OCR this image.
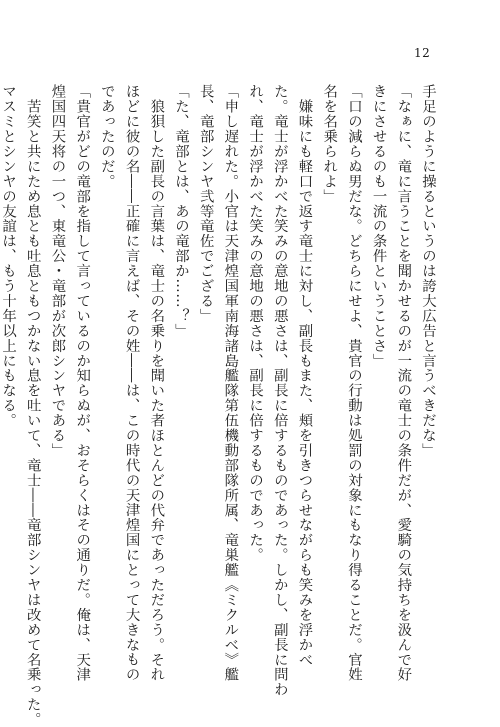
12
手足のように操るというのは誇大広告と言うべきだな」
「なぁに、竜に言うことを聞かせるのが一流の竜士の条件だが、愛騎の気持ちを汲んで好
きにさせるのも一流の条件ということさ」
「口の減らぬ男だな。どちらにせよ、貴官の行動は処罰の対象にもなり得ることだ。官姓
名を名乗られよ」
　嫌味にも軽口で返す竜士に対し、副長もまた、頬を引きつらせながらも笑みを浮かべ
た。竜士が浮かべた笑みの意地の悪さは、副長に倍するものであった。しかし、副長に問わ
れ、竜士が浮かべた笑みの意地の悪さは、副長に倍するものであった。
「申し遅れた。小官は天津煌国軍南海諸島艦隊第伍機動部隊所属、竜巣艦《ミクルベ》艦
長、竜部シンヤ弐等竜佐でござる」
「た、竜部とは、あの竜部か……？」
　狼狽した副長の言葉は、竜士の名乗りを聞いた者ほとんどの代弁であっただろう。それ
ほどに彼の名――正確に言えば、その姓――は、この時代の天津煌国にとって大きなもの
であったのだ。
「貴官がどの竜部を指して言っているのか知らぬが、おそらくはその通りだ。俺は、天津
煌国四天将の一つ、東竜公・竜部が次郎シンヤである」
　苦笑と共にため息とも吐息ともつかない息を吐いて、竜士――竜部シンヤは改めて名乗った。
マスミとシンヤの友誼は、もう十年以上にもなる。
